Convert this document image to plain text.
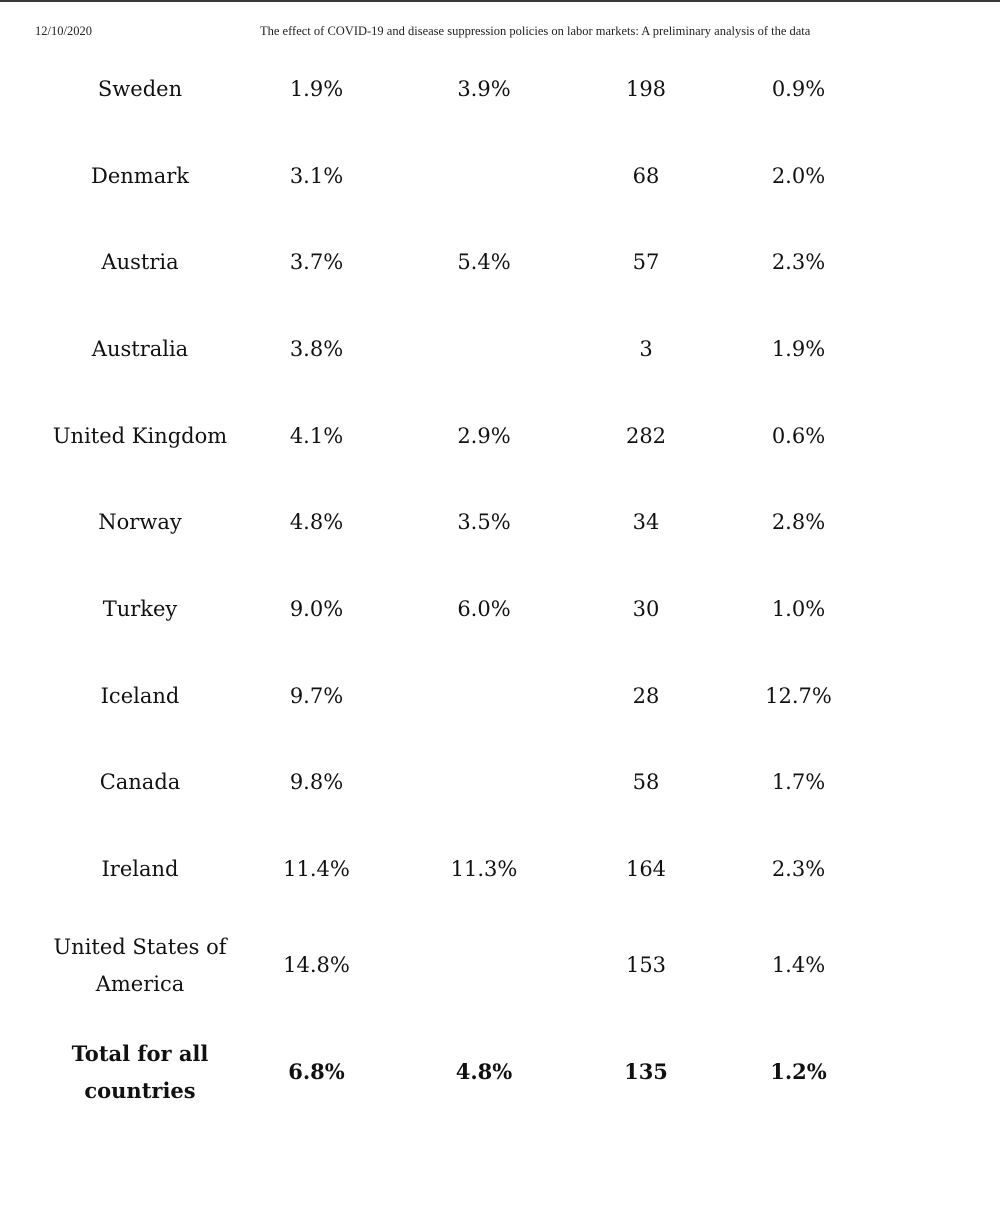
12/10/2020	The effect of COVID-19 and disease suppression policies on labor markets: A preliminary analysis of the data
Sweden	1.9%	3.9%	198	0.9%
Denmark	3.1%		68	2.0%
Austria	3.7%	5.4%	57	2.3%
Australia	3.8%		3	1.9%
United Kingdom	4.1%	2.9%	282	0.6%
Norway	4.8%	3.5%	34	2.8%
Turkey	9.0%	6.0%	30	1.0%
Iceland	9.7%		28	12.7%
Canada	9.8%		58	1.7%
Ireland	11.4%	11.3%	164	2.3%
United States of America	14.8%		153	1.4%
Total for all countries	6.8%	4.8%	135	1.2%
